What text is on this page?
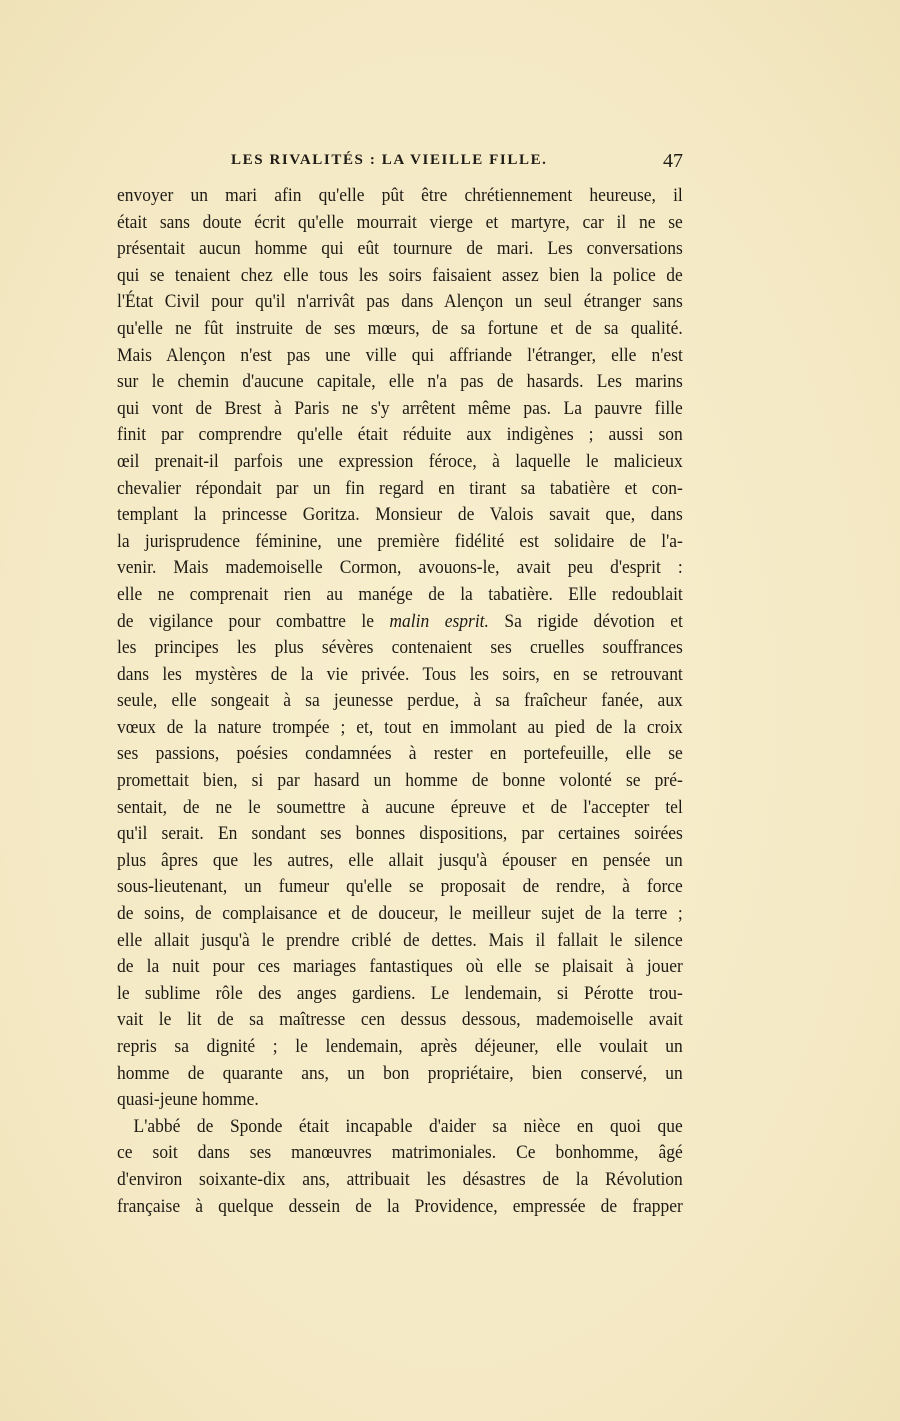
LES RIVALITÉS : LA VIEILLE FILLE.	47
envoyer un mari afin qu'elle pût être chrétiennement heureuse, il
était sans doute écrit qu'elle mourrait vierge et martyre, car il ne se
présentait aucun homme qui eût tournure de mari. Les conversations
qui se tenaient chez elle tous les soirs faisaient assez bien la police de
l'État Civil pour qu'il n'arrivât pas dans Alençon un seul étranger sans
qu'elle ne fût instruite de ses mœurs, de sa fortune et de sa qualité.
Mais Alençon n'est pas une ville qui affriande l'étranger, elle n'est
sur le chemin d'aucune capitale, elle n'a pas de hasards. Les marins
qui vont de Brest à Paris ne s'y arrêtent même pas. La pauvre fille
finit par comprendre qu'elle était réduite aux indigènes ; aussi son
œil prenait-il parfois une expression féroce, à laquelle le malicieux
chevalier répondait par un fin regard en tirant sa tabatière et con-
templant la princesse Goritza. Monsieur de Valois savait que, dans
la jurisprudence féminine, une première fidélité est solidaire de l'a-
venir. Mais mademoiselle Cormon, avouons-le, avait peu d'esprit :
elle ne comprenait rien au manége de la tabatière. Elle redoublait
de vigilance pour combattre le malin esprit. Sa rigide dévotion et
les principes les plus sévères contenaient ses cruelles souffrances
dans les mystères de la vie privée. Tous les soirs, en se retrouvant
seule, elle songeait à sa jeunesse perdue, à sa fraîcheur fanée, aux
vœux de la nature trompée ; et, tout en immolant au pied de la croix
ses passions, poésies condamnées à rester en portefeuille, elle se
promettait bien, si par hasard un homme de bonne volonté se pré-
sentait, de ne le soumettre à aucune épreuve et de l'accepter tel
qu'il serait. En sondant ses bonnes dispositions, par certaines soirées
plus âpres que les autres, elle allait jusqu'à épouser en pensée un
sous-lieutenant, un fumeur qu'elle se proposait de rendre, à force
de soins, de complaisance et de douceur, le meilleur sujet de la terre ;
elle allait jusqu'à le prendre criblé de dettes. Mais il fallait le silence
de la nuit pour ces mariages fantastiques où elle se plaisait à jouer
le sublime rôle des anges gardiens. Le lendemain, si Pérotte trou-
vait le lit de sa maîtresse cen dessus dessous, mademoiselle avait
repris sa dignité ; le lendemain, après déjeuner, elle voulait un
homme de quarante ans, un bon propriétaire, bien conservé, un
quasi-jeune homme.
L'abbé de Sponde était incapable d'aider sa nièce en quoi que
ce soit dans ses manœuvres matrimoniales. Ce bonhomme, âgé
d'environ soixante-dix ans, attribuait les désastres de la Révolution
française à quelque dessein de la Providence, empressée de frapper
